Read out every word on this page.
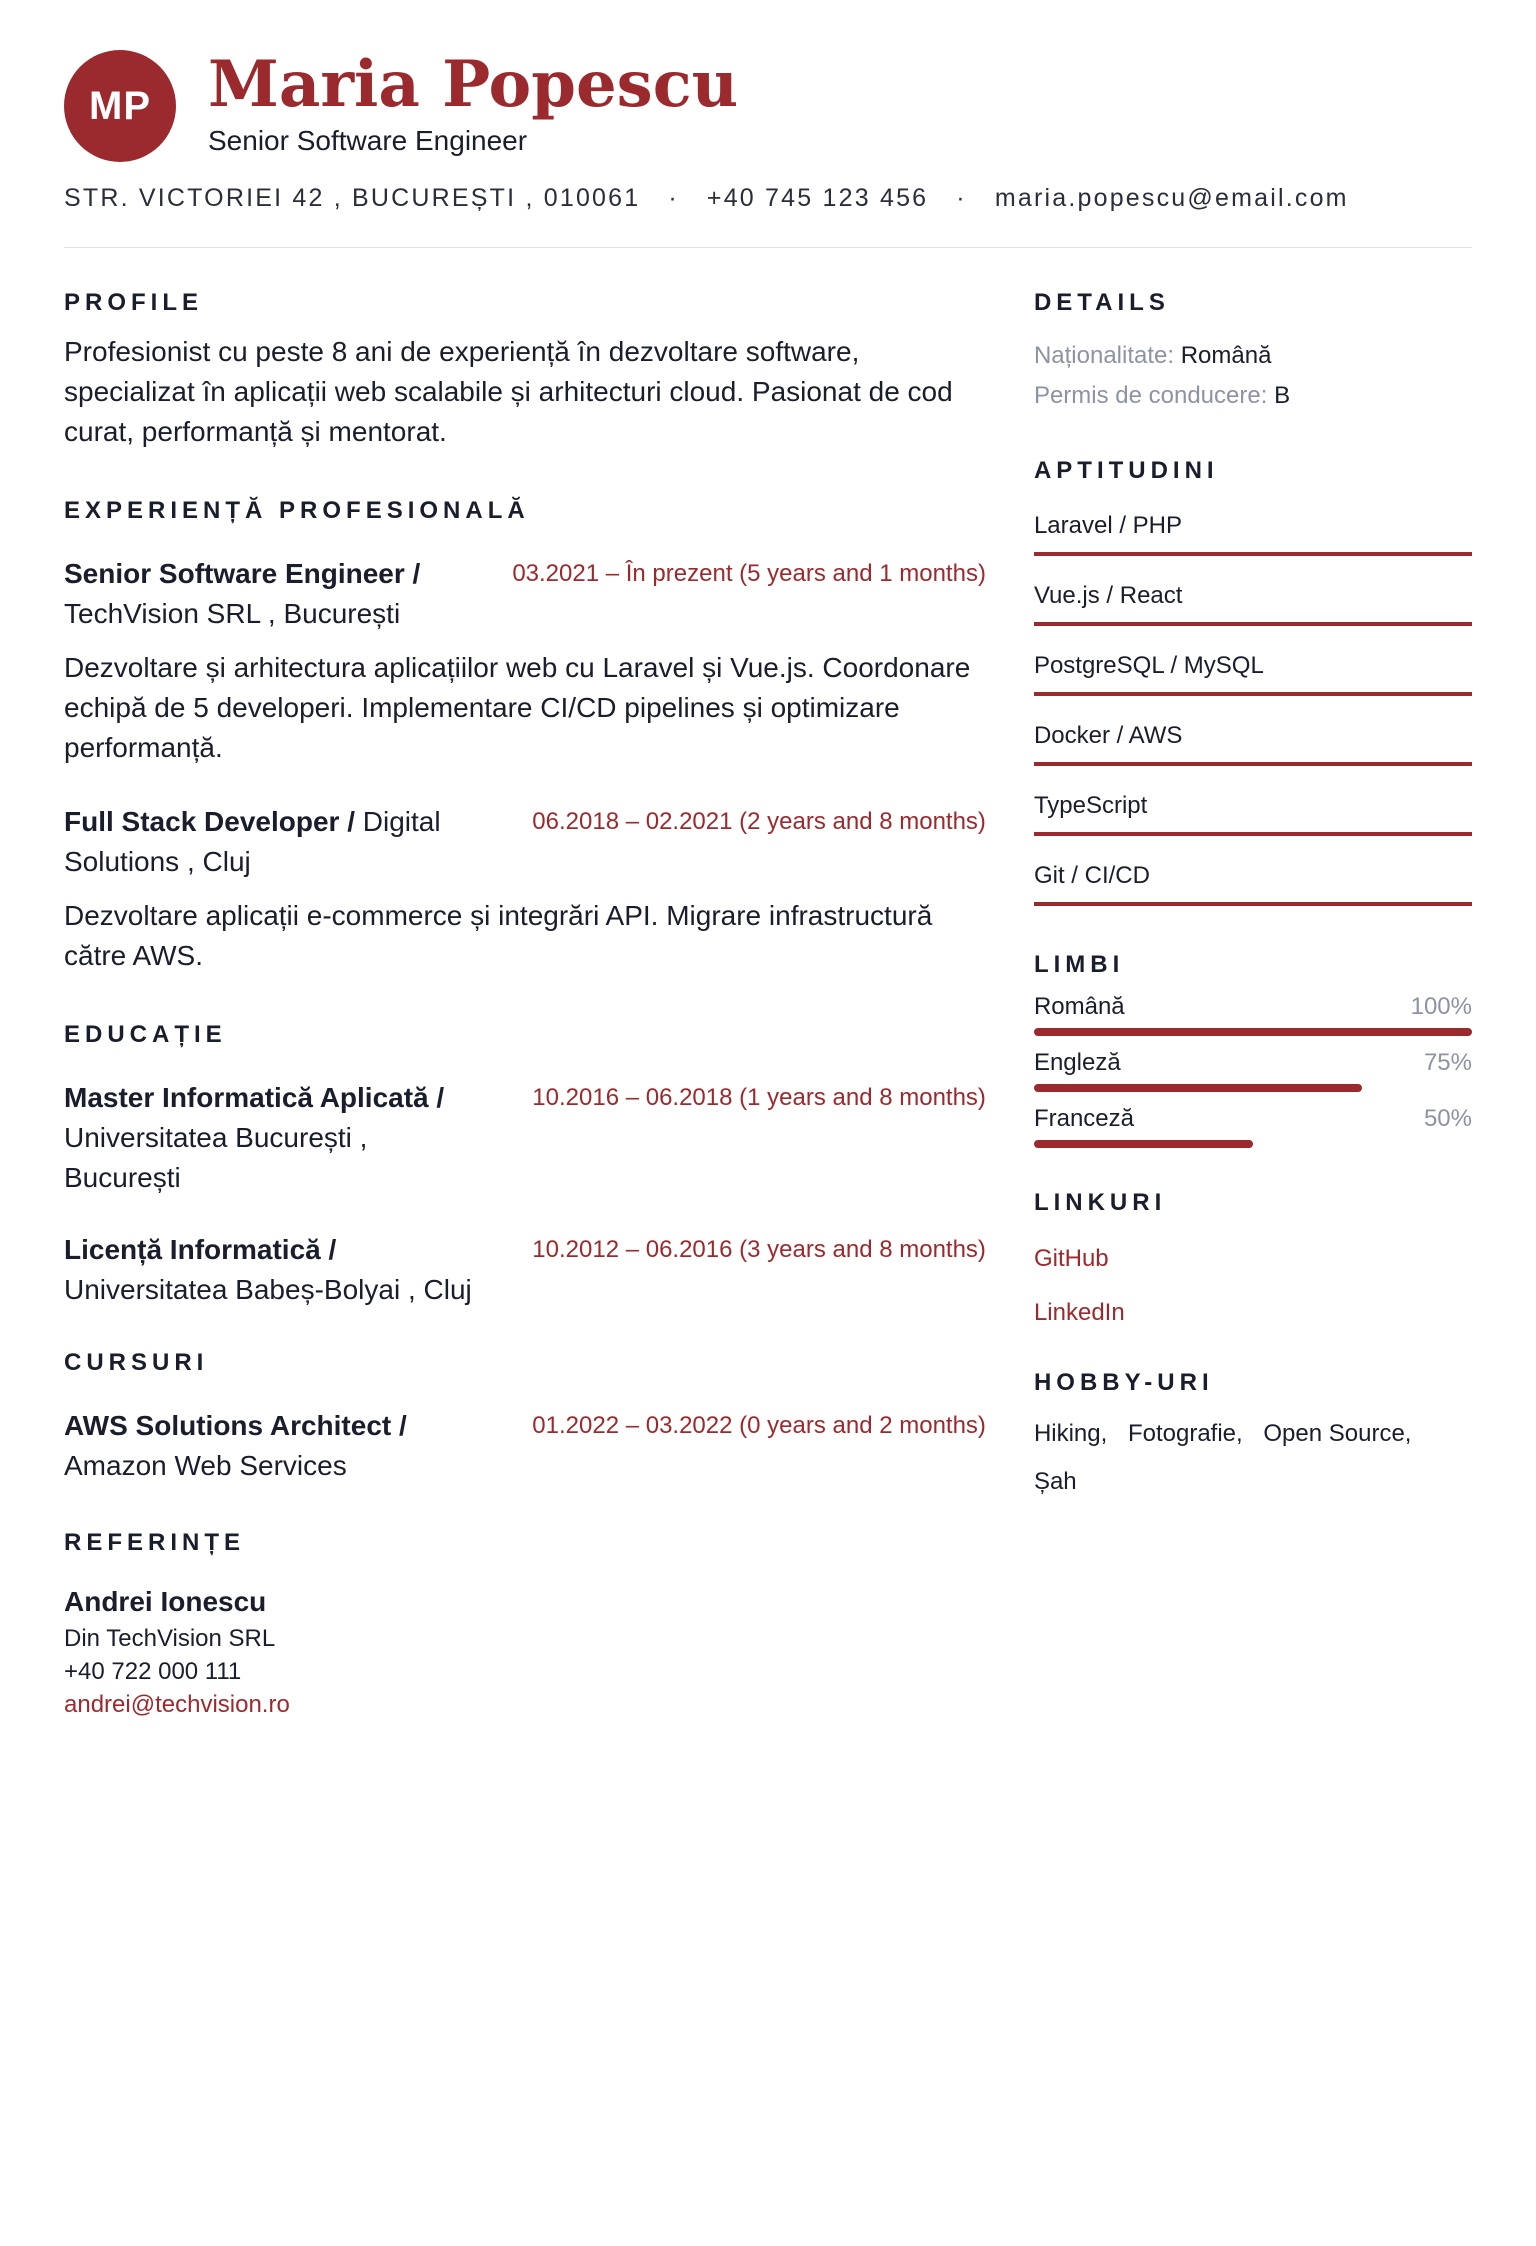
MP Maria Popescu
Senior Software Engineer
STR. VICTORIEI 42 , BUCUREȘTI , 010061 · +40 745 123 456 · maria.popescu@email.com
PROFILE
Profesionist cu peste 8 ani de experiență în dezvoltare software, specializat în aplicații web scalabile și arhitecturi cloud. Pasionat de cod curat, performanță și mentorat.
EXPERIENȚĂ PROFESIONALĂ
Senior Software Engineer / TechVision SRL , București
03.2021 – În prezent (5 years and 1 months)
Dezvoltare și arhitectura aplicațiilor web cu Laravel și Vue.js. Coordonare echipă de 5 developeri. Implementare CI/CD pipelines și optimizare performanță.
Full Stack Developer / Digital Solutions , Cluj
06.2018 – 02.2021 (2 years and 8 months)
Dezvoltare aplicații e-commerce și integrări API. Migrare infrastructură către AWS.
EDUCAȚIE
Master Informatică Aplicată / Universitatea București , București
10.2016 – 06.2018 (1 years and 8 months)
Licență Informatică / Universitatea Babeș-Bolyai , Cluj
10.2012 – 06.2016 (3 years and 8 months)
CURSURI
AWS Solutions Architect / Amazon Web Services
01.2022 – 03.2022 (0 years and 2 months)
REFERINȚE
Andrei Ionescu
Din TechVision SRL
+40 722 000 111
andrei@techvision.ro
DETAILS
Naționalitate: Română
Permis de conducere: B
APTITUDINI
Laravel / PHP
Vue.js / React
PostgreSQL / MySQL
Docker / AWS
TypeScript
Git / CI/CD
LIMBI
Română	100%
Engleză	75%
Franceză	50%
LINKURI
GitHub
LinkedIn
HOBBY-URI
Hiking, Fotografie, Open Source,
Șah
